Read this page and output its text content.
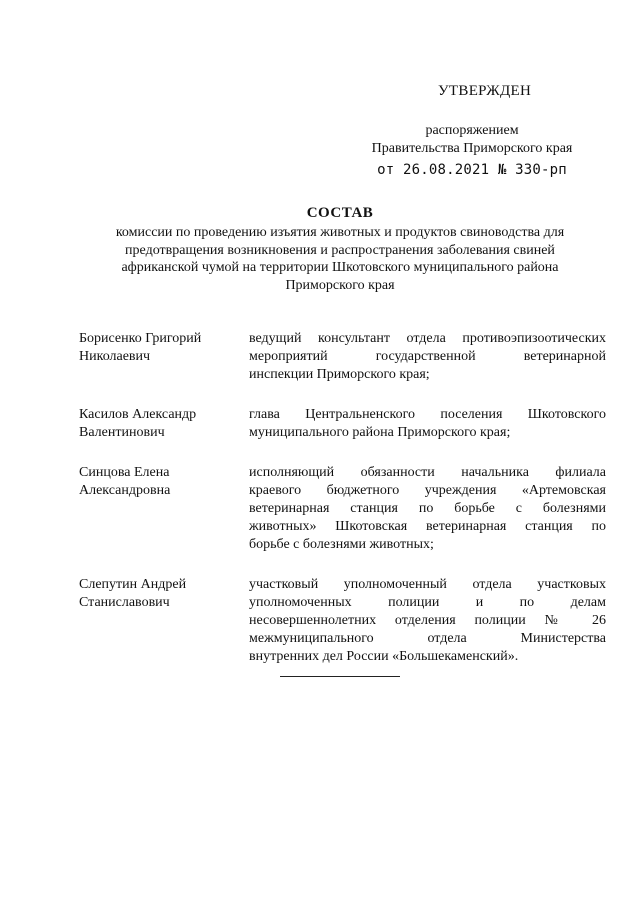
УТВЕРЖДЕН
распоряжением
Правительства Приморского края
от 26.08.2021 № 330-рп
СОСТАВ
комиссии по проведению изъятия животных и продуктов свиноводства для
предотвращения возникновения и распространения заболевания свиней
африканской чумой на территории Шкотовского муниципального района
Приморского края
Борисенко Григорий
Николаевич
ведущий консультант отдела противоэпизоотических
мероприятий государственной ветеринарной
инспекции Приморского края;
Касилов Александр
Валентинович
глава Центральненского поселения Шкотовского
муниципального района Приморского края;
Синцова Елена
Александровна
исполняющий обязанности начальника филиала
краевого бюджетного учреждения «Артемовская
ветеринарная станция по борьбе с болезнями
животных» Шкотовская ветеринарная станция по
борьбе с болезнями животных;
Слепутин Андрей
Станиславович
участковый уполномоченный отдела участковых
уполномоченных полиции и по делам
несовершеннолетних отделения полиции № 26
межмуниципального отдела Министерства
внутренних дел России «Большекаменский».
